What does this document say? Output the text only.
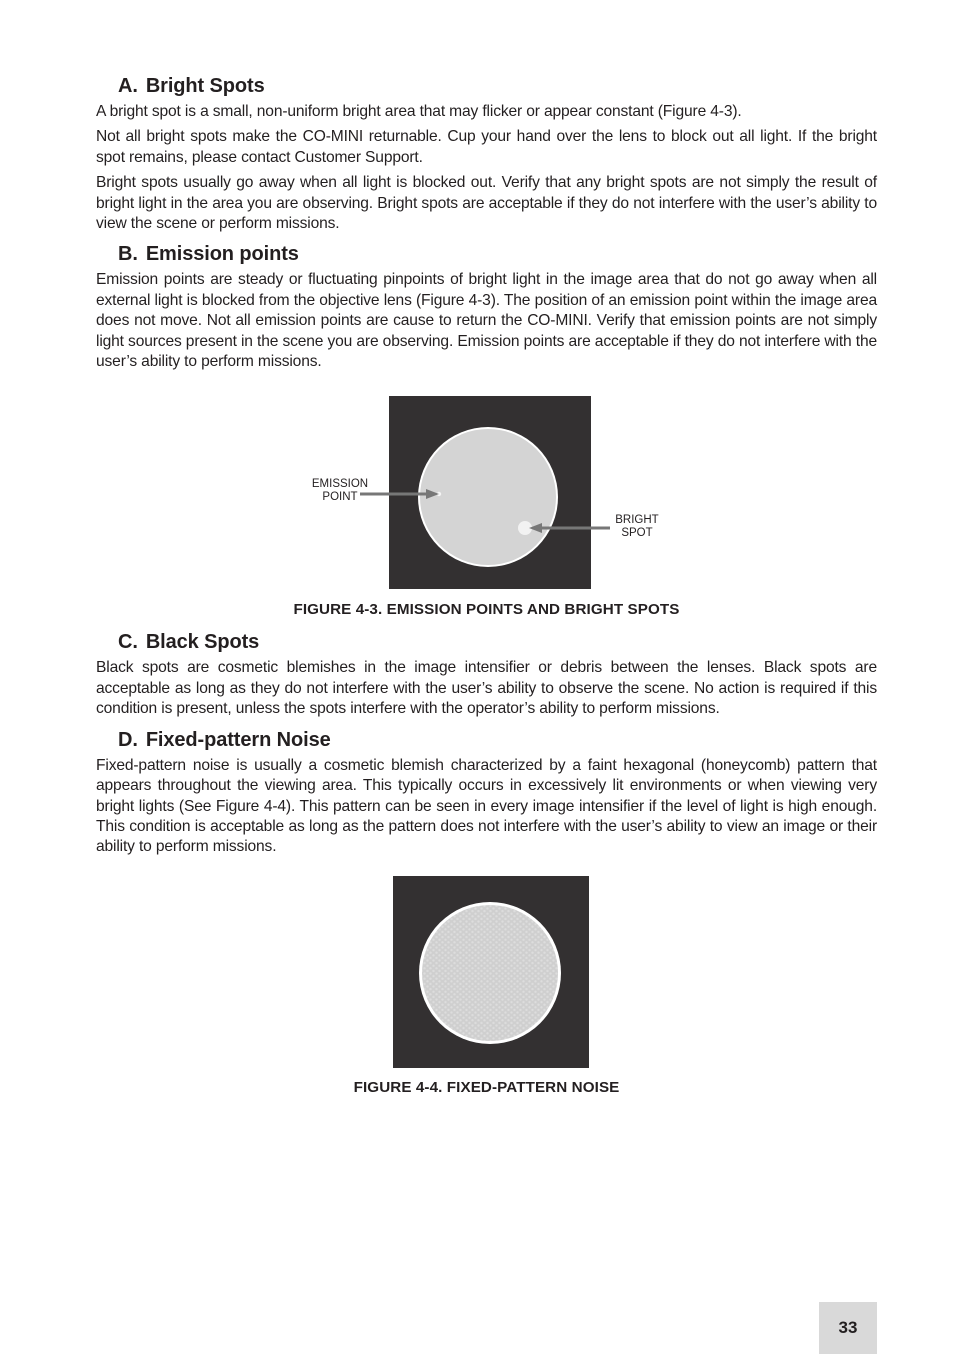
A. Bright Spots

A bright spot is a small, non-uniform bright area that may flicker or appear constant (Figure 4-3).

Not all bright spots make the CO-MINI returnable. Cup your hand over the lens to block out all light. If the bright spot remains, please contact Customer Support.

Bright spots usually go away when all light is blocked out. Verify that any bright spots are not simply the result of bright light in the area you are observing. Bright spots are acceptable if they do not interfere with the user’s ability to view the scene or perform missions.

B. Emission points

Emission points are steady or fluctuating pinpoints of bright light in the image area that do not go away when all external light is blocked from the objective lens (Figure 4-3). The position of an emission point within the image area does not move. Not all emission points are cause to return the CO-MINI. Verify that emission points are not simply light sources present in the scene you are observing. Emission points are acceptable if they do not interfere with the user’s ability to perform missions.

EMISSION
POINT
BRIGHT
SPOT
FIGURE 4-3. EMISSION POINTS AND BRIGHT SPOTS
C. Black Spots

Black spots are cosmetic blemishes in the image intensifier or debris between the lenses. Black spots are acceptable as long as they do not interfere with the user’s ability to observe the scene. No action is required if this condition is present, unless the spots interfere with the operator’s ability to perform missions.

D. Fixed-pattern Noise

Fixed-pattern noise is usually a cosmetic blemish characterized by a faint hexagonal (honeycomb) pattern that appears throughout the viewing area. This typically occurs in excessively lit environments or when viewing very bright lights (See Figure 4-4). This pattern can be seen in every image intensifier if the level of light is high enough. This condition is acceptable as long as the pattern does not interfere with the user’s ability to view an image or their ability to perform missions.

FIGURE 4-4. FIXED-PATTERN NOISE
33
